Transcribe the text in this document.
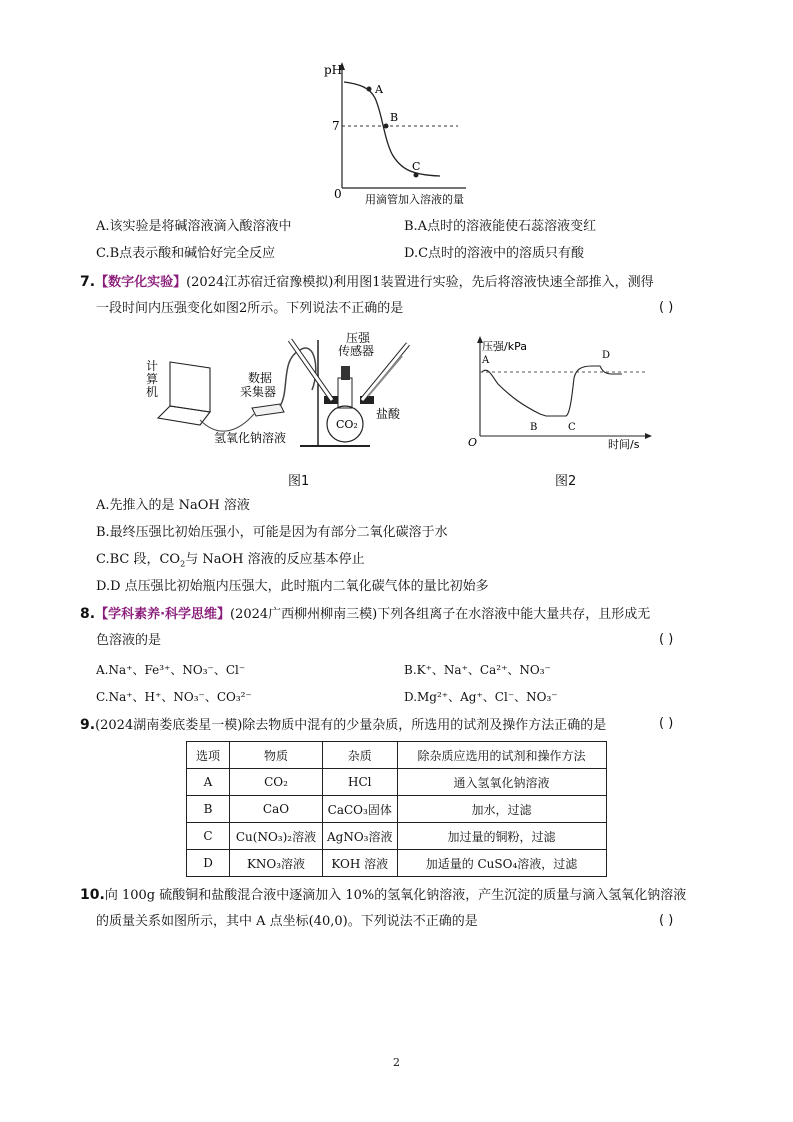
pH
7
0
A
B
C
用滴管加入溶液的量
A.该实验是将碱溶液滴入酸溶液中	B.A点时的溶液能使石蕊溶液变红
C.B点表示酸和碱恰好完全反应	D.C点时的溶液中的溶质只有酸
7.【数字化实验】(2024江苏宿迁宿豫模拟)利用图1装置进行实验，先后将溶液快速全部推入，测得
一段时间内压强变化如图2所示。下列说法不正确的是	( )
计算机
数据采集器
压强传感器
盐酸
CO₂
氢氧化钠溶液
压强/kPa
A
B	C
D
O	时间/s
图1	图2
A.先推入的是 NaOH 溶液
B.最终压强比初始压强小，可能是因为有部分二氧化碳溶于水
C.BC 段，$CO_2$与 NaOH 溶液的反应基本停止
D.D 点压强比初始瓶内压强大，此时瓶内二氧化碳气体的量比初始多
8.【学科素养·科学思维】(2024广西柳州柳南三模)下列各组离子在水溶液中能大量共存，且形成无
色溶液的是	( )
A.Na⁺、Fe³⁺、NO₃⁻、Cl⁻	B.K⁺、Na⁺、Ca²⁺、NO₃⁻
C.Na⁺、H⁺、NO₃⁻、CO₃²⁻	D.Mg²⁺、Ag⁺、Cl⁻、NO₃⁻
9.(2024湖南娄底娄星一模)除去物质中混有的少量杂质，所选用的试剂及操作方法正确的是	( )
选项	物质	杂质	除杂质应选用的试剂和操作方法
A	CO₂	HCl	通入氢氧化钠溶液
B	CaO	CaCO₃固体	加水，过滤
C	Cu(NO₃)₂溶液	AgNO₃溶液	加过量的铜粉，过滤
D	KNO₃溶液	KOH 溶液	加适量的 CuSO₄溶液，过滤
10.向 100g 硫酸铜和盐酸混合液中逐滴加入 10%的氢氧化钠溶液，产生沉淀的质量与滴入氢氧化钠溶液
的质量关系如图所示，其中 A 点坐标(40,0)。下列说法不正确的是	( )
2
